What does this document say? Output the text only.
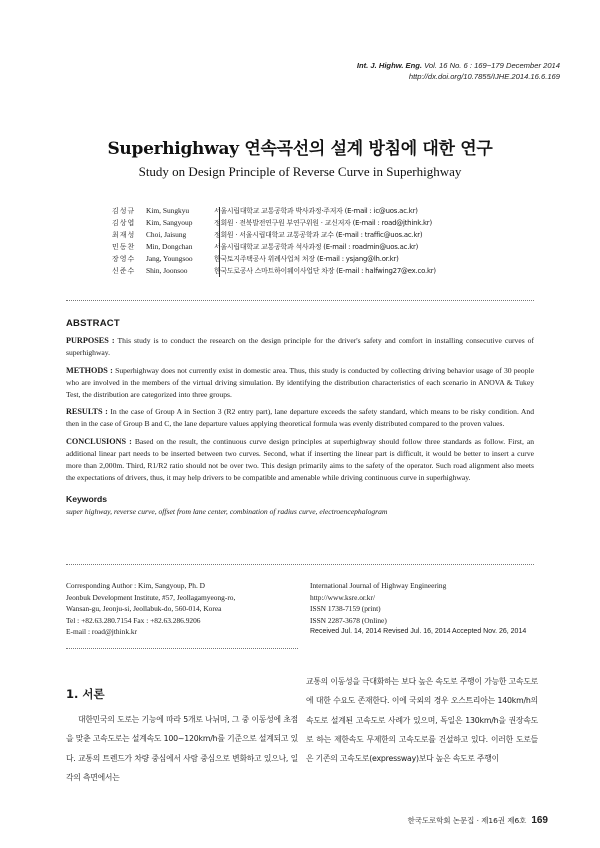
Int. J. Highw. Eng. Vol. 16 No. 6 : 169~179 December 2014
http://dx.doi.org/10.7855/IJHE.2014.16.6.169
Superhighway 연속곡선의 설계 방침에 대한 연구
Study on Design Principle of Reverse Curve in Superhighway
김성규	Kim, Sungkyu	서울시립대학교 교통공학과 박사과정·주저자 (E-mail : ic@uos.ac.kr)
김상엽	Kim, Sangyoup	정회원 · 전북발전연구원 부연구위원 · 교신저자 (E-mail : road@jthink.kr)
최재성	Choi, Jaisung	정회원 · 서울시립대학교 교통공학과 교수 (E-mail : traffic@uos.ac.kr)
민동찬	Min, Dongchan	서울시립대학교 교통공학과 석사과정 (E-mail : roadmin@uos.ac.kr)
장영수	Jang, Youngsoo	한국토지주택공사 위례사업처 처장 (E-mail : ysjang@lh.or.kr)
신준수	Shin, Joonsoo	한국도로공사 스마트하이웨이사업단 차장 (E-mail : halfwing27@ex.co.kr)
ABSTRACT

PURPOSES : This study is to conduct the research on the design principle for the driver's safety and comfort in installing consecutive curves of superhighway.

METHODS : Superhighway does not currently exist in domestic area. Thus, this study is conducted by collecting driving behavior usage of 30 people who are involved in the members of the virtual driving simulation. By identifying the distribution characteristics of each scenario in ANOVA & Tukey Test, the distribution are categorized into three groups.

RESULTS : In the case of Group A in Section 3 (R2 entry part), lane departure exceeds the safety standard, which means to be risky condition. And then in the case of Group B and C, the lane departure values applying theoretical formula was evenly distributed compared to the proven values.

CONCLUSIONS : Based on the result, the continuous curve design principles at superhighway should follow three standards as follow. First, an additional linear part needs to be inserted between two curves. Second, what if inserting the linear part is difficult, it would be better to insert a curve more than 2,000m. Third, R1/R2 ratio should not be over two. This design primarily aims to the safety of the operator. Such road alignment also meets the expectations of drivers, thus, it may help drivers to be compatible and amenable while driving continuous curve in superhighway.

Keywords
super highway, reverse curve, offset from lane center, combination of radius curve, electroencephalogram
Corresponding Author : Kim, Sangyoup, Ph. D
Jeonbuk Development Institute, #57, Jeollagamyeong-ro,
Wansan-gu, Jeonju-si, Jeollabuk-do, 560-014, Korea
Tel : +82.63.280.7154 Fax : +82.63.286.9206
E-mail : road@jthink.kr
International Journal of Highway Engineering
http://www.ksre.or.kr/
ISSN 1738-7159 (print)
ISSN 2287-3678 (Online)
Received Jul. 14, 2014 Revised Jul. 16, 2014 Accepted Nov. 26, 2014
1. 서론
대한민국의 도로는 기능에 따라 5개로 나뉘며, 그 중 이동성에 초점을 맞춘 고속도로는 설계속도 100~120km/h를 기준으로 설계되고 있다. 교통의 트렌드가 차량 중심에서 사람 중심으로 변화하고 있으나, 일각의 측면에서는
교통의 이동성을 극대화하는 보다 높은 속도로 주행이 가능한 고속도로에 대한 수요도 존재한다. 이에 국외의 경우 오스트리아는 140km/h의 속도로 설계된 고속도로 사례가 있으며, 독일은 130km/h을 권장속도로 하는 제한속도 무제한의 고속도로를 건설하고 있다. 이러한 도로들은 기존의 고속도로(expressway)보다 높은 속도로 주행이
한국도로학회 논문집 · 제16권 제6호 169
